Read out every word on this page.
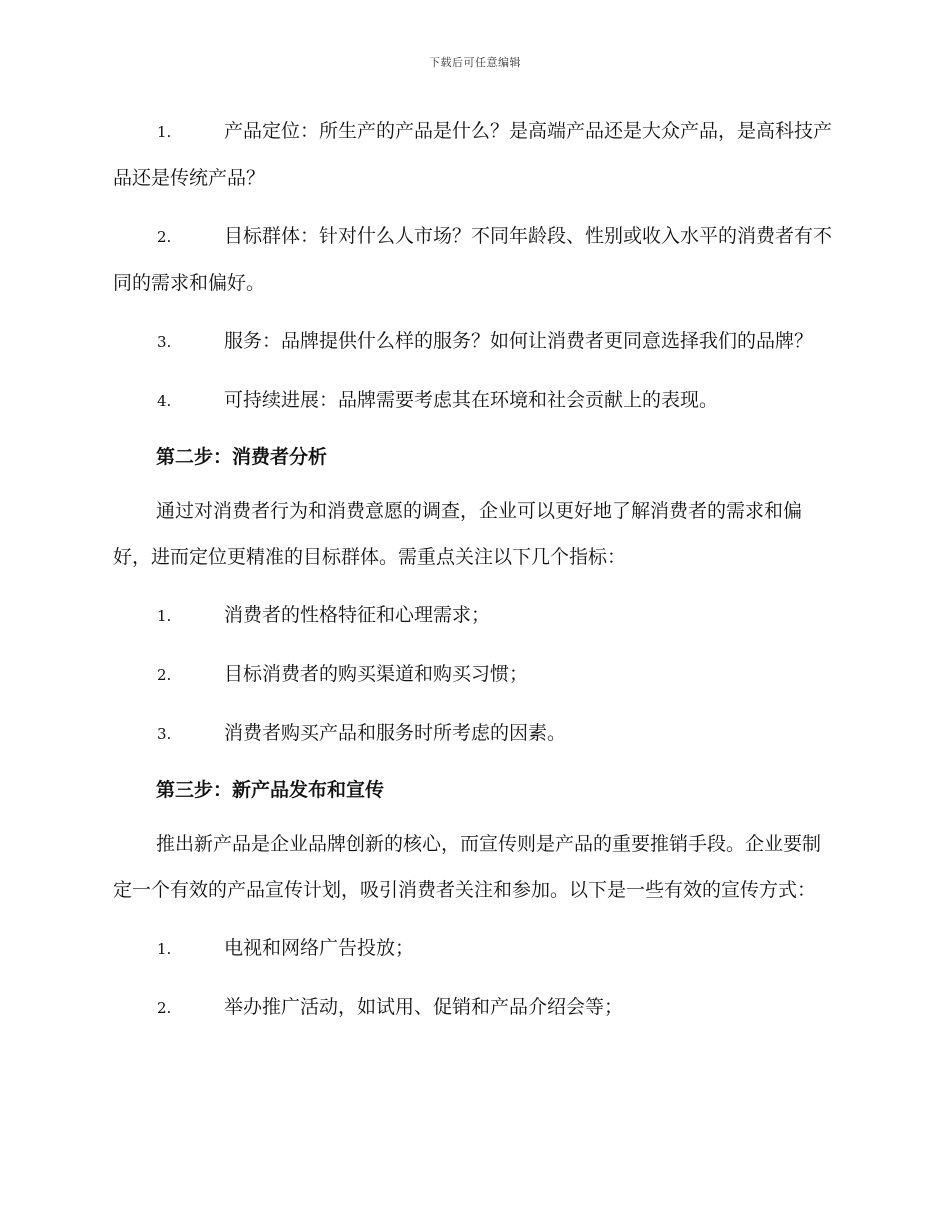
下载后可任意编辑
1.	产品定位：所生产的产品是什么？是高端产品还是大众产品，是高科技产品还是传统产品？
2.	目标群体：针对什么人市场？不同年龄段、性别或收入水平的消费者有不同的需求和偏好。
3.	服务：品牌提供什么样的服务？如何让消费者更同意选择我们的品牌？
4.	可持续进展：品牌需要考虑其在环境和社会贡献上的表现。
第二步：消费者分析
通过对消费者行为和消费意愿的调查，企业可以更好地了解消费者的需求和偏好，进而定位更精准的目标群体。需重点关注以下几个指标：
1.	消费者的性格特征和心理需求；
2.	目标消费者的购买渠道和购买习惯；
3.	消费者购买产品和服务时所考虑的因素。
第三步：新产品发布和宣传
推出新产品是企业品牌创新的核心，而宣传则是产品的重要推销手段。企业要制定一个有效的产品宣传计划，吸引消费者关注和参加。以下是一些有效的宣传方式：
1.	电视和网络广告投放；
2.	举办推广活动，如试用、促销和产品介绍会等；
